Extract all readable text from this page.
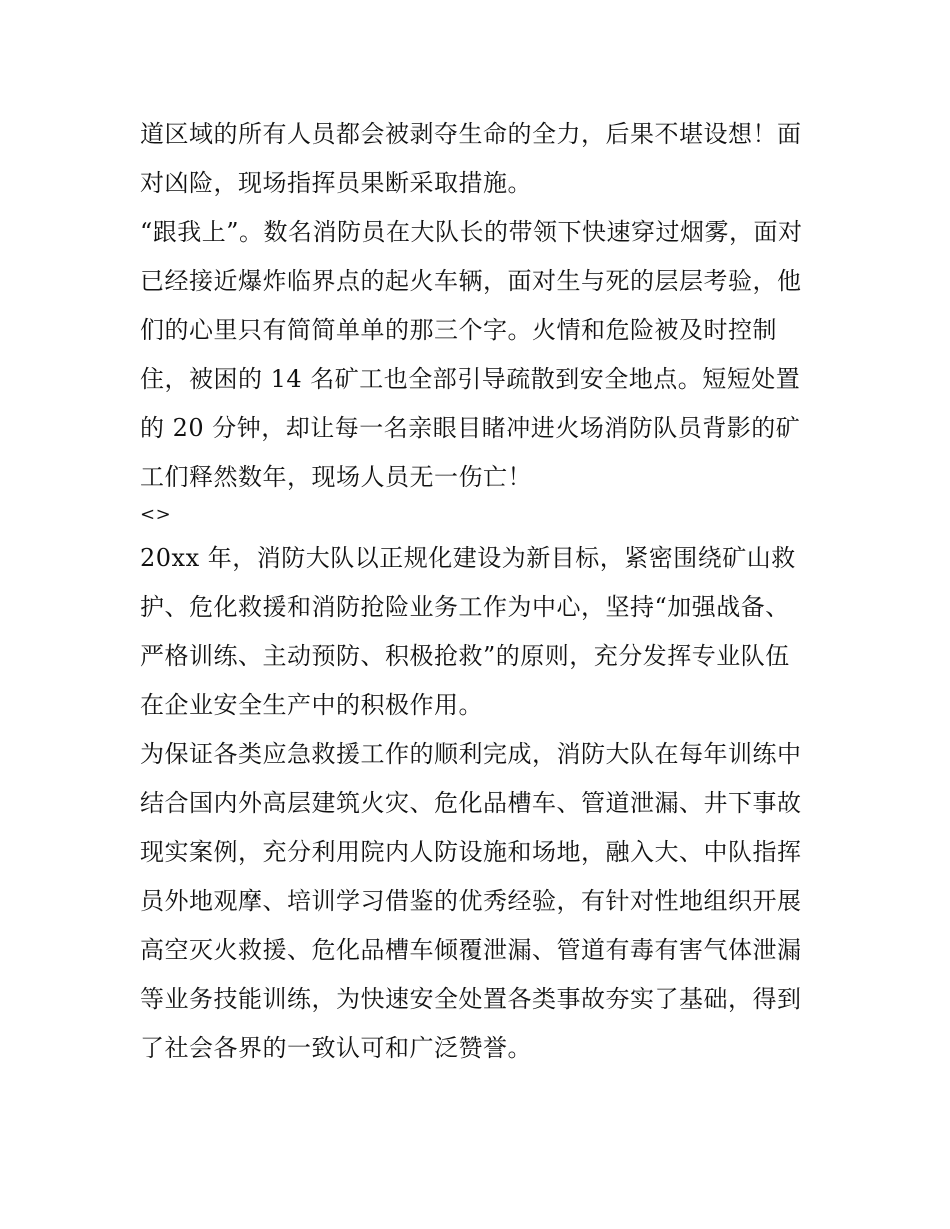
道区域的所有人员都会被剥夺生命的全力，后果不堪设想！面
对凶险，现场指挥员果断采取措施。
“跟我上”。数名消防员在大队长的带领下快速穿过烟雾，面对
已经接近爆炸临界点的起火车辆，面对生与死的层层考验，他
们的心里只有简简单单的那三个字。火情和危险被及时控制
住，被困的 14 名矿工也全部引导疏散到安全地点。短短处置
的 20 分钟，却让每一名亲眼目睹冲进火场消防队员背影的矿
工们释然数年，现场人员无一伤亡！
<>
20xx 年，消防大队以正规化建设为新目标，紧密围绕矿山救
护、危化救援和消防抢险业务工作为中心，坚持“加强战备、
严格训练、主动预防、积极抢救”的原则，充分发挥专业队伍
在企业安全生产中的积极作用。
为保证各类应急救援工作的顺利完成，消防大队在每年训练中
结合国内外高层建筑火灾、危化品槽车、管道泄漏、井下事故
现实案例，充分利用院内人防设施和场地，融入大、中队指挥
员外地观摩、培训学习借鉴的优秀经验，有针对性地组织开展
高空灭火救援、危化品槽车倾覆泄漏、管道有毒有害气体泄漏
等业务技能训练，为快速安全处置各类事故夯实了基础，得到
了社会各界的一致认可和广泛赞誉。
